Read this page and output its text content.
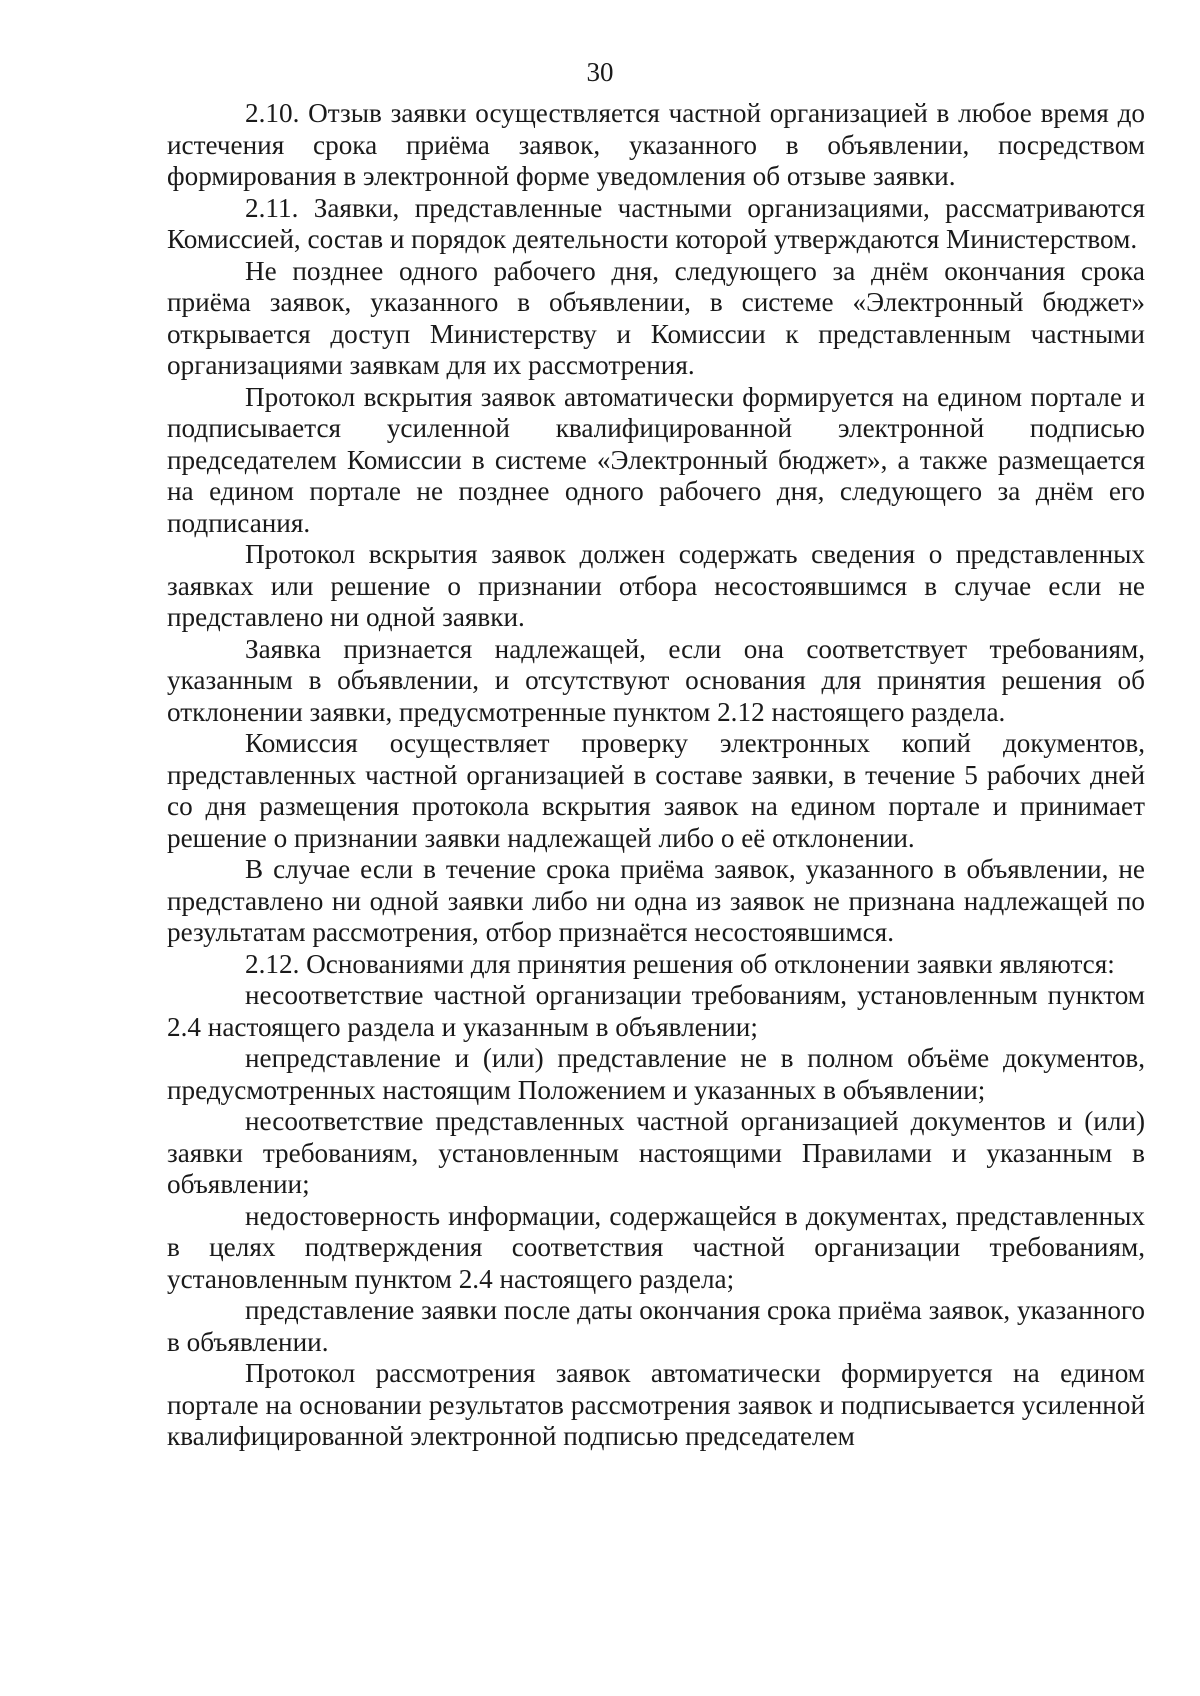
30

2.10. Отзыв заявки осуществляется частной организацией в любое время до истечения срока приёма заявок, указанного в объявлении, посредством формирования в электронной форме уведомления об отзыве заявки.

2.11. Заявки, представленные частными организациями, рассматриваются Комиссией, состав и порядок деятельности которой утверждаются Министерством.

Не позднее одного рабочего дня, следующего за днём окончания срока приёма заявок, указанного в объявлении, в системе «Электронный бюджет» открывается доступ Министерству и Комиссии к представленным частными организациями заявкам для их рассмотрения.

Протокол вскрытия заявок автоматически формируется на едином портале и подписывается усиленной квалифицированной электронной подписью председателем Комиссии в системе «Электронный бюджет», а также размещается на едином портале не позднее одного рабочего дня, следующего за днём его подписания.

Протокол вскрытия заявок должен содержать сведения о представленных заявках или решение о признании отбора несостоявшимся в случае если не представлено ни одной заявки.

Заявка признается надлежащей, если она соответствует требованиям, указанным в объявлении, и отсутствуют основания для принятия решения об отклонении заявки, предусмотренные пунктом 2.12 настоящего раздела.

Комиссия осуществляет проверку электронных копий документов, представленных частной организацией в составе заявки, в течение 5 рабочих дней со дня размещения протокола вскрытия заявок на едином портале и принимает решение о признании заявки надлежащей либо о её отклонении.

В случае если в течение срока приёма заявок, указанного в объявлении, не представлено ни одной заявки либо ни одна из заявок не признана надлежащей по результатам рассмотрения, отбор признаётся несостоявшимся.

2.12. Основаниями для принятия решения об отклонении заявки являются:

несоответствие частной организации требованиям, установленным пунктом 2.4 настоящего раздела и указанным в объявлении;

непредставление и (или) представление не в полном объёме документов, предусмотренных настоящим Положением и указанных в объявлении;

несоответствие представленных частной организацией документов и (или) заявки требованиям, установленным настоящими Правилами и указанным в объявлении;

недостоверность информации, содержащейся в документах, представленных в целях подтверждения соответствия частной организации требованиям, установленным пунктом 2.4 настоящего раздела;

представление заявки после даты окончания срока приёма заявок, указанного в объявлении.

Протокол рассмотрения заявок автоматически формируется на едином портале на основании результатов рассмотрения заявок и подписывается усиленной квалифицированной электронной подписью председателем
